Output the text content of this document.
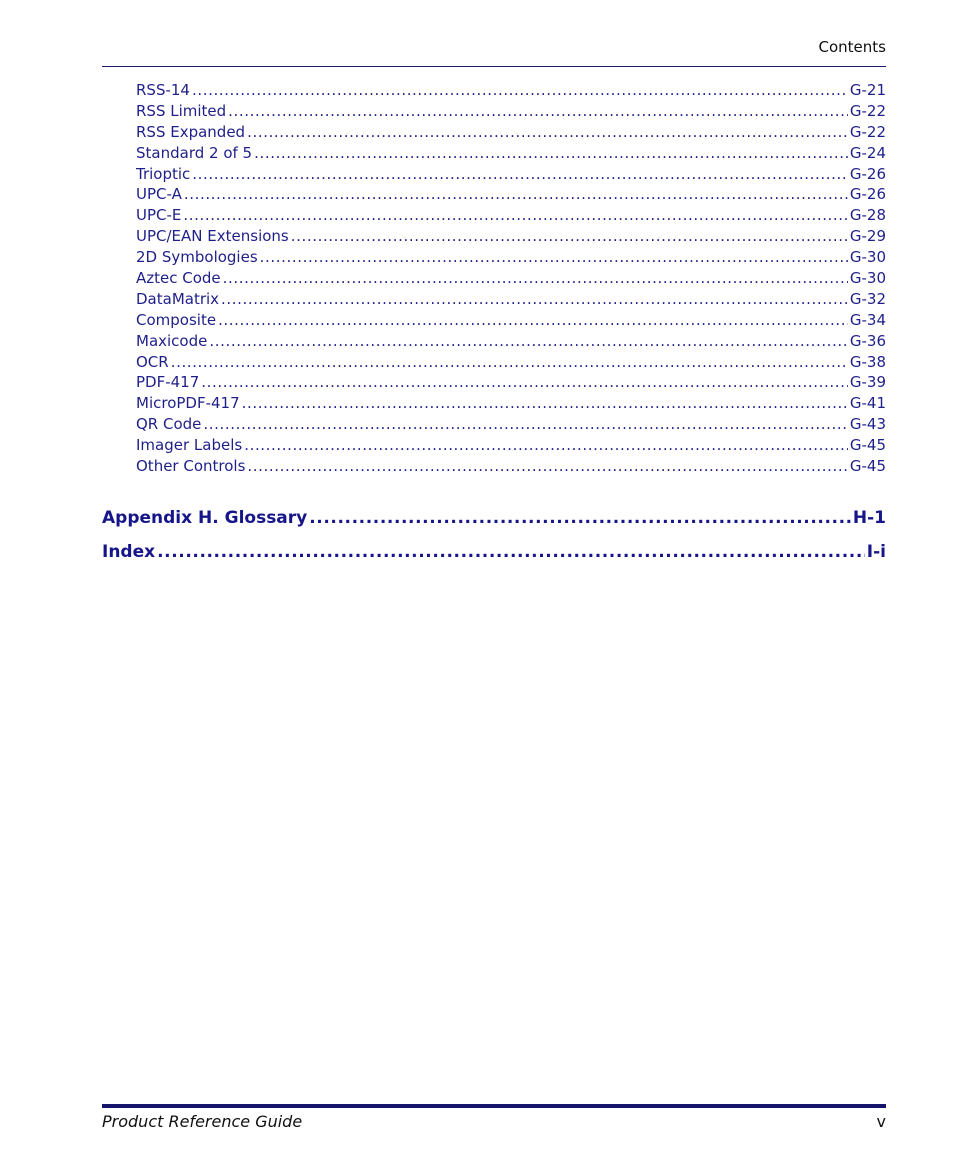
Contents
RSS-14 .....	G-21
RSS Limited .....	G-22
RSS Expanded .....	G-22
Standard 2 of 5 .....	G-24
Trioptic .....	G-26
UPC-A .....	G-26
UPC-E .....	G-28
UPC/EAN Extensions .....	G-29
2D Symbologies .....	G-30
Aztec Code .....	G-30
DataMatrix .....	G-32
Composite .....	G-34
Maxicode .....	G-36
OCR .....	G-38
PDF-417 .....	G-39
MicroPDF-417 .....	G-41
QR Code .....	G-43
Imager Labels .....	G-45
Other Controls .....	G-45
Appendix H. Glossary .....	H-1
Index .....	I-i
Product Reference Guide	v
